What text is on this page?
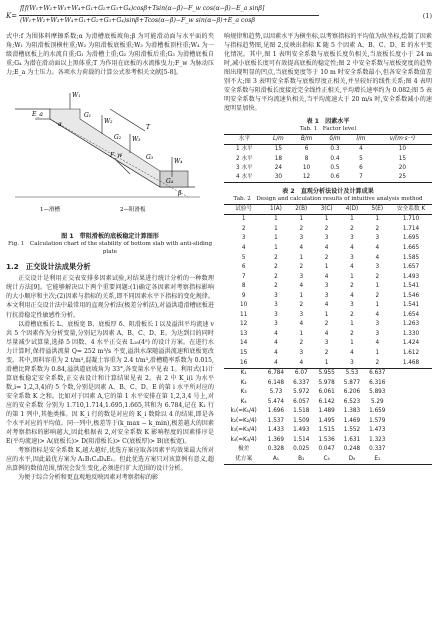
K=
f[f(W₁+W₂+W₃+W₄+G₁+G₂+G₃+G₄)cosβ+Tsin(α−β)−F_w cos(α−β)−E_a sinβ]
(W₁+W₂+W₃+W₄+G₁+G₂+G₃+G₄)sinβ+Tcos(α−β)−F_w sin(α−β)+E_a cosβ
(1)

式中:f 为围体料摩擦系数;α 为滑槽底板坡角;β 为可能滑动面与水平面的夹角;W₁ 为阻滑板顶横柱重;W₂ 为阻滑板底板重;W₃ 为滑槽板顶柱重;W₄ 为一级滑槽底板上的水流自重;G₁ 为滑槽土重;G₂ 为阻滑板后重;G₃ 为滑槽底板自重;G₄ 为潜在滑动面以上黑体重;T 为作用在底板的水流推曳力;F_w 为脉动压力;E_a 为土压力。各项水力荷载的计算公式参考相关文献[5-8]。

W₁
W₂
W₃
W₄
G₁
G₂
G₃
G₄
T
F_w
E_a
α
β
1—滑槽	2—阻滑板
图 1　带阻滑板的底板稳定计算图形
Fig. 1　Calculation chart of the stability of bottom slab with anti-sliding plate
1.2　正交设计法成果分析

正交设计是利用正交表安排多因素试验,对结果进行统计分析的一种数理统计方法[9]。它能够解决以下两个重要问题:(1)确定各因素对考察指标影响的大小顺序和主次;(2)因素与指标的关系,即不同因素水平下指标的变化规律。本文利用正交设计法中最常用的直观分析法(极差分析法),对溢洪道滑槽底板进行抗滑稳定性敏感性分析。

以滑槽底板长 L、底板宽 B、底板厚 δ、阻滑板长 l 以及溢洪平均流速 v 共 5 个因素作为分析变量,分别记为因素 A、B、C、D、E。为达到目的同时尽量减少试算量,选择 5 因数、4 水平正交表 L₁₆(4⁵) 的设计方案。在进行水力计算时,保持溢洪流量 Q= 252 m³/s 不变,溢洪水深随溢洪流速和底板宽改变。其中,黑料容重为 2 t/m³,混凝土容重为 2.4 t/m³,滑槽糙率系数为 0.015,滑槽比降系数为 0.84,溢洪道底坡角为 33°,各变量水平见表 1。利用式(1)计算底板稳定安全系数,正交表设计和计算结果见表 2。表 2 中 K_i(i 为水平数,i= 1,2,3,4)的 5 个数,分别是因素 A、B、C、D、E 的第 i 水平所对应的安全系数 K 之和。比如对于因素 A,它的第 1 水平安排在第 1,2,3,4 号上,对应的安全系数 分别为 1.710,1.714,1.695,1.665,其和为 6.784,记在 K₁ 行的第 1 列中,其他类推。因 K_i 行的数是对应的 K_i 数除以 4 的结果,即是各个水平对应的平均值。同一列中,极差等于(k_max − k_min),极差越大的因素对考察指标的影响越大,因此根据表 2,对安全系数 K 影响程度的因素排序是 E(平均流速)> A(底板长)> D(阻滑板长)> C(底板厚)> B(底板宽)。

考察指标是安全系数 K,越大越好,优选方案应取各因素平均效果最大所对应的水平,因此最优方案为 A₁B₁C₄D₄E₁。但此优选方案只对该算例有意义,超出算例的数值范围,情况会发生变化,必须进行扩大范围的设计分析。

为便于综合分析和更直观地反映因素对考察指标的影

响规律和趋势,以因素水平为横坐标,以考察指标的平均值为纵坐标,绘制了因素与指标趋势图,见图 2,反映出指标 K 随 5 个因素 A、B、C、D、E 的水平变化情况。其中,图 1 表明安全系数与底板长度负相关,当底板长度小于 24 m 时,减小底板长度可有效提高底板的稳定性;图 2 中安全系数与底板宽度的趋势图出现明显的凹点,当底板宽度等于 10 m 时安全系数最小,但各安全系数值差别不大;图 3 表明安全系数与底板厚度正相关,并呈较好的线性关系;图 4 表明安全系数与阻滑板长度接近完全线性正相关,平均增长速率约为 0.082;图 5 表明安全系数与平均流速负相关,当平均流速大于 20 m/s 时,安全系数减小的速度明显加快。

表 1　因素水平
Tab. 1　Factor level
水平	L/m	B/m	δ/m	l/m	v/(m·s⁻¹)
1 水平	15	6	0.3	4	10
2 水平	18	8	0.4	5	15
3 水平	24	10	0.5	6	20
4 水平	30	12	0.6	7	25
表 2　直观分析法设计及计算成果
Tab. 2　Design and calculation results of intuitive analysis method
试验号	1(A)	2(B)	3(C)	4(D)	5(E)	安全系数 K
1	1	1	1	1	1	1.710
2	1	2	2	2	2	1.714
3	1	3	3	3	3	1.695
4	1	4	4	4	4	1.665
5	2	1	2	3	4	1.585
6	2	2	1	4	3	1.657
7	2	3	4	1	2	1.493
8	2	4	3	2	1	1.541
9	3	1	3	4	2	1.546
10	3	2	4	3	1	1.541
11	3	3	1	2	4	1.654
12	3	4	2	1	3	1.263
13	4	1	4	2	3	1.330
14	4	2	3	1	4	1.424
15	4	3	2	4	1	1.612
16	4	4	1	3	2	1.468
K₁	6.784	6.07	5.955	5.53	6.637	
K₂	6.148	6.337	5.978	5.877	6.316	
K₃	5.73	5.972	6.061	6.206	5.893	
K₄	5.474	6.057	6.142	6.523	5.29	
k₁(=K₁/4)	1.696	1.518	1.489	1.383	1.659	
k₂(=K₂/4)	1.537	1.509	1.495	1.469	1.579	
k₃(=K₃/4)	1.433	1.493	1.515	1.552	1.473	
k₄(=K₄/4)	1.369	1.514	1.536	1.631	1.323	
极差	0.328	0.025	0.047	0.248	0.337	
优方案	A₁	B₁	C₄	D₄	E₁	
